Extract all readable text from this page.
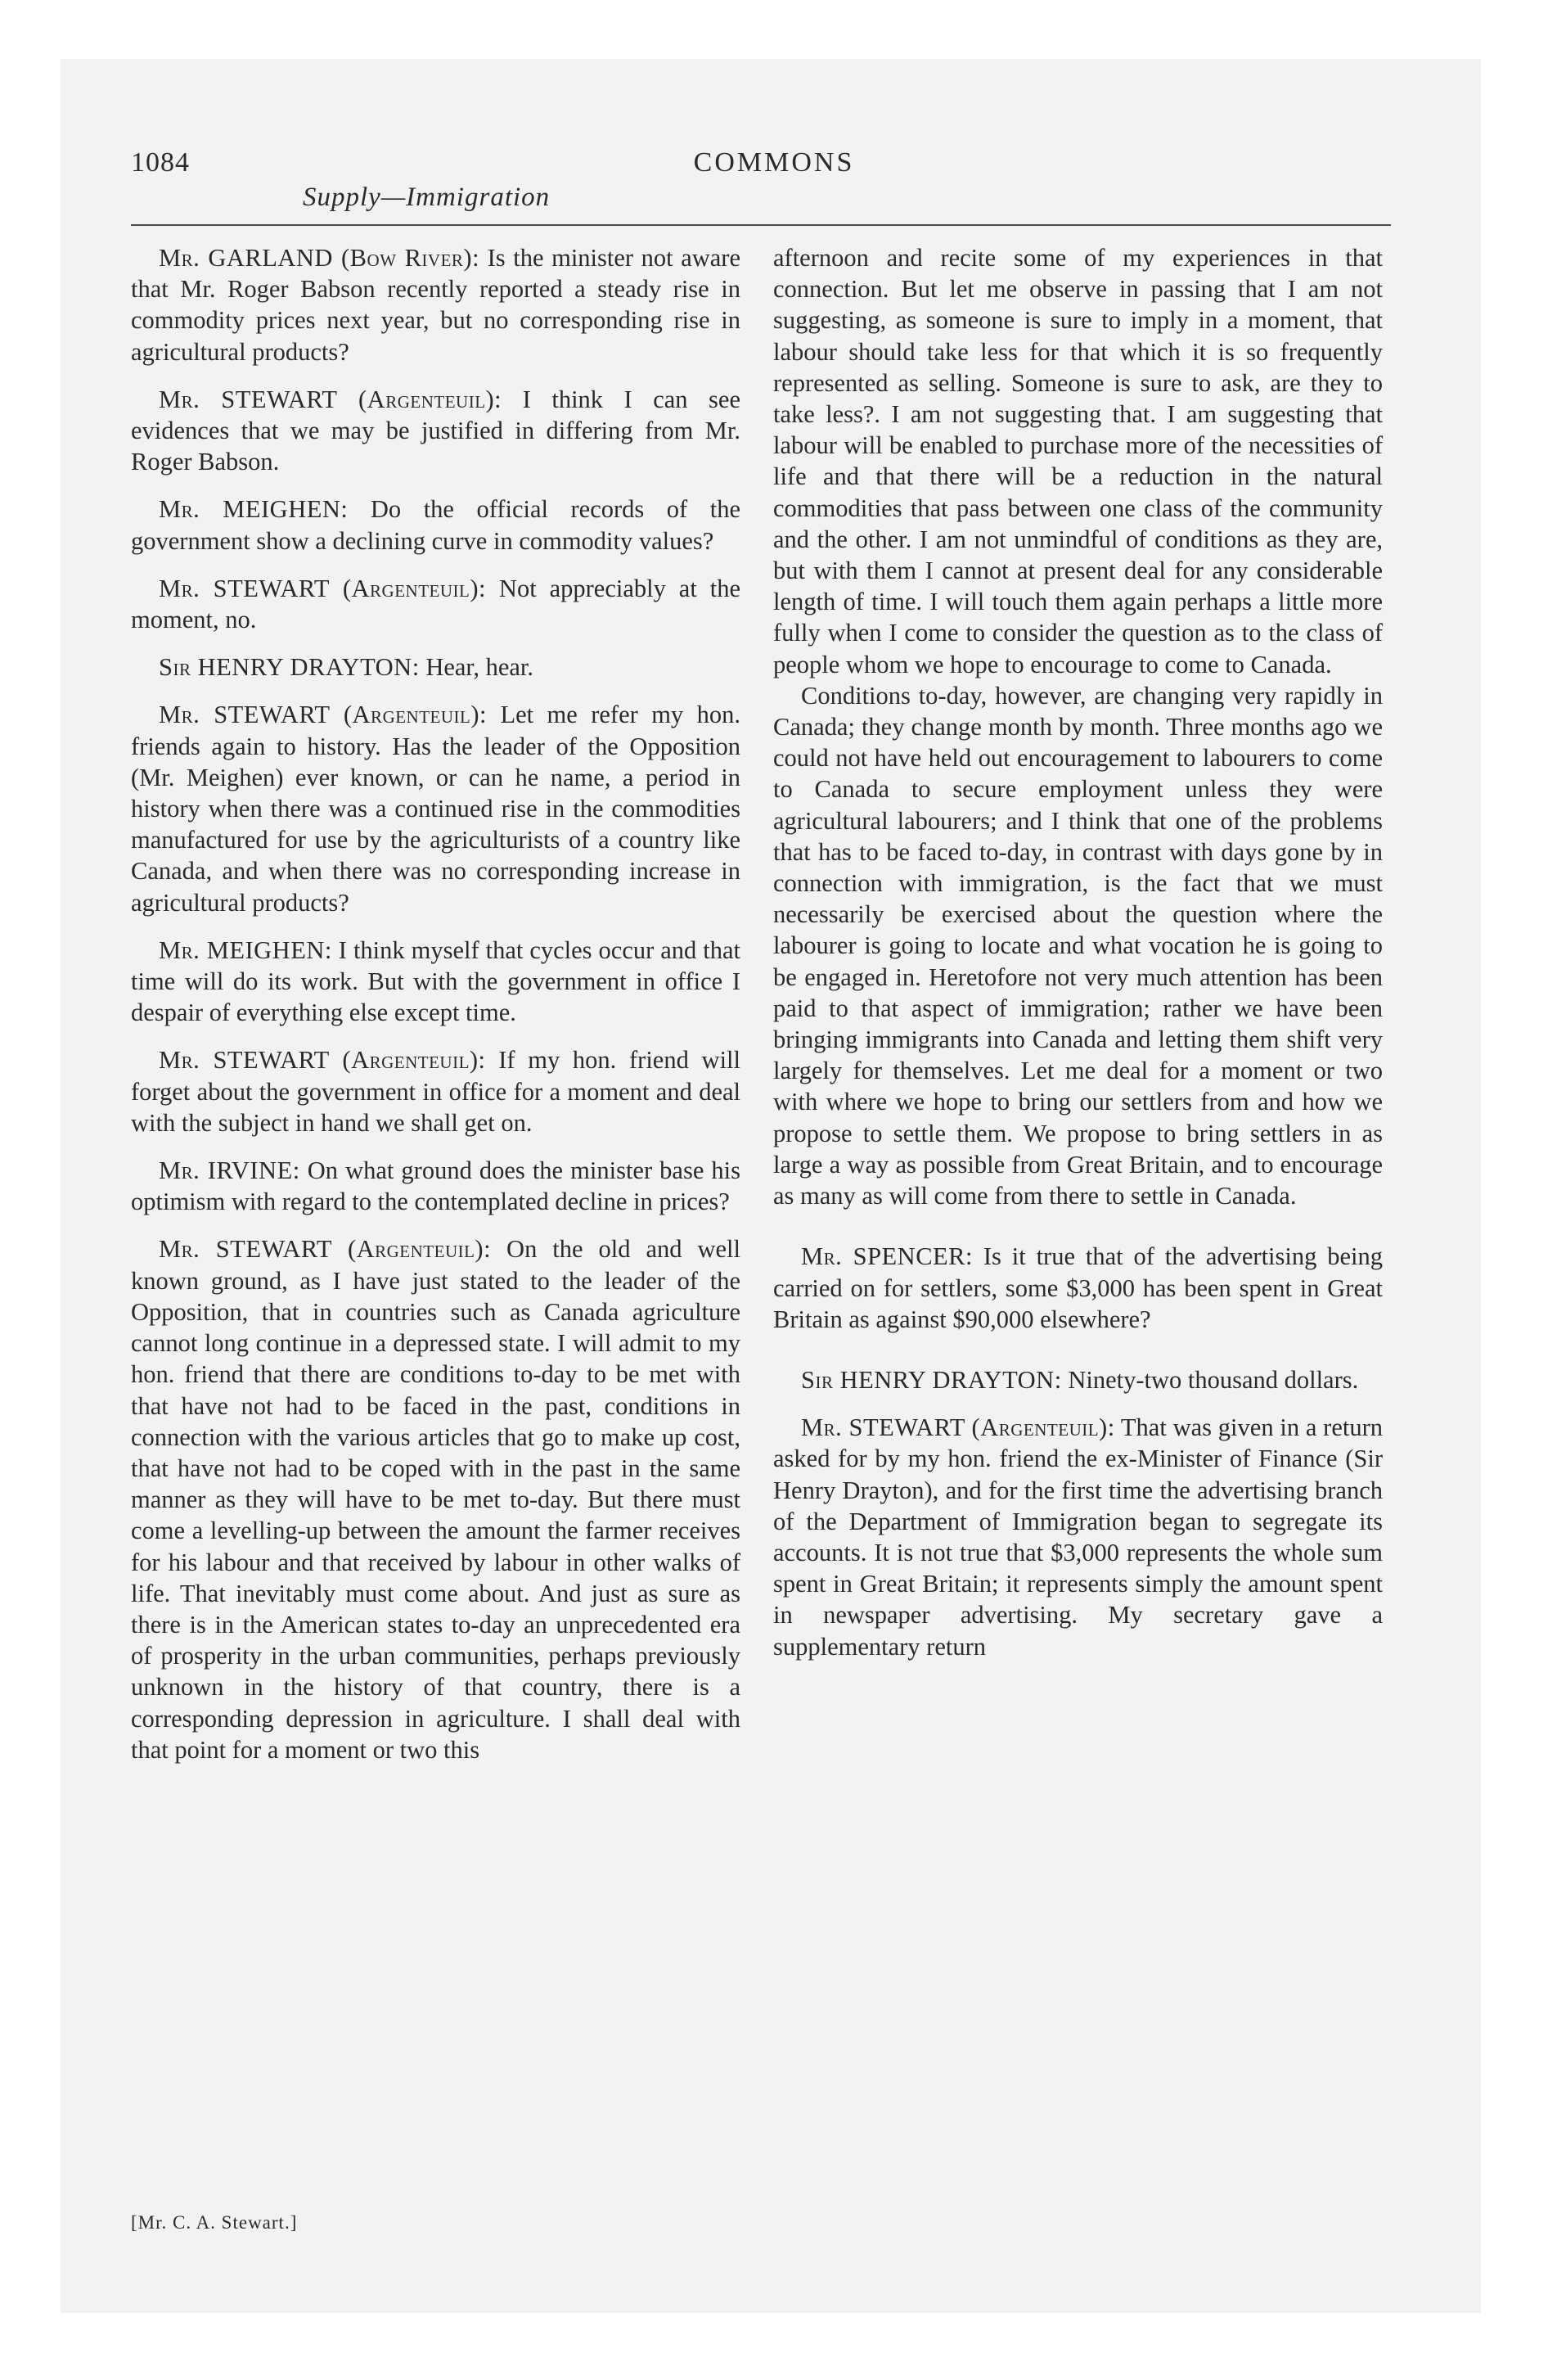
1084	COMMONS
Supply—Immigration

Mr. GARLAND (Bow River): Is the minister not aware that Mr. Roger Babson recently reported a steady rise in commodity prices next year, but no corresponding rise in agricultural products?

Mr. STEWART (Argenteuil): I think I can see evidences that we may be justified in differing from Mr. Roger Babson.

Mr. MEIGHEN: Do the official records of the government show a declining curve in commodity values?

Mr. STEWART (Argenteuil): Not appreciably at the moment, no.

Sir HENRY DRAYTON: Hear, hear.

Mr. STEWART (Argenteuil): Let me refer my hon. friends again to history. Has the leader of the Opposition (Mr. Meighen) ever known, or can he name, a period in history when there was a continued rise in the commodities manufactured for use by the agriculturists of a country like Canada, and when there was no corresponding increase in agricultural products?

Mr. MEIGHEN: I think myself that cycles occur and that time will do its work. But with the government in office I despair of everything else except time.

Mr. STEWART (Argenteuil): If my hon. friend will forget about the government in office for a moment and deal with the subject in hand we shall get on.

Mr. IRVINE: On what ground does the minister base his optimism with regard to the contemplated decline in prices?

Mr. STEWART (Argenteuil): On the old and well known ground, as I have just stated to the leader of the Opposition, that in countries such as Canada agriculture cannot long continue in a depressed state. I will admit to my hon. friend that there are conditions to-day to be met with that have not had to be faced in the past, conditions in connection with the various articles that go to make up cost, that have not had to be coped with in the past in the same manner as they will have to be met to-day. But there must come a levelling-up between the amount the farmer receives for his labour and that received by labour in other walks of life. That inevitably must come about. And just as sure as there is in the American states to-day an unprecedented era of prosperity in the urban communities, perhaps previously unknown in the history of that country, there is a corresponding depression in agriculture. I shall deal with that point for a moment or two this

afternoon and recite some of my experiences in that connection. But let me observe in passing that I am not suggesting, as someone is sure to imply in a moment, that labour should take less for that which it is so frequently represented as selling. Someone is sure to ask, are they to take less?. I am not suggesting that. I am suggesting that labour will be enabled to purchase more of the necessities of life and that there will be a reduction in the natural commodities that pass between one class of the community and the other. I am not unmindful of conditions as they are, but with them I cannot at present deal for any considerable length of time. I will touch them again perhaps a little more fully when I come to consider the question as to the class of people whom we hope to encourage to come to Canada.

Conditions to-day, however, are changing very rapidly in Canada; they change month by month. Three months ago we could not have held out encouragement to labourers to come to Canada to secure employment unless they were agricultural labourers; and I think that one of the problems that has to be faced to-day, in contrast with days gone by in connection with immigration, is the fact that we must necessarily be exercised about the question where the labourer is going to locate and what vocation he is going to be engaged in. Heretofore not very much attention has been paid to that aspect of immigration; rather we have been bringing immigrants into Canada and letting them shift very largely for themselves. Let me deal for a moment or two with where we hope to bring our settlers from and how we propose to settle them. We propose to bring settlers in as large a way as possible from Great Britain, and to encourage as many as will come from there to settle in Canada.

Mr. SPENCER: Is it true that of the advertising being carried on for settlers, some $3,000 has been spent in Great Britain as against $90,000 elsewhere?

Sir HENRY DRAYTON: Ninety-two thousand dollars.

Mr. STEWART (Argenteuil): That was given in a return asked for by my hon. friend the ex-Minister of Finance (Sir Henry Drayton), and for the first time the advertising branch of the Department of Immigration began to segregate its accounts. It is not true that $3,000 represents the whole sum spent in Great Britain; it represents simply the amount spent in newspaper advertising. My secretary gave a supplementary return

[Mr. C. A. Stewart.]
